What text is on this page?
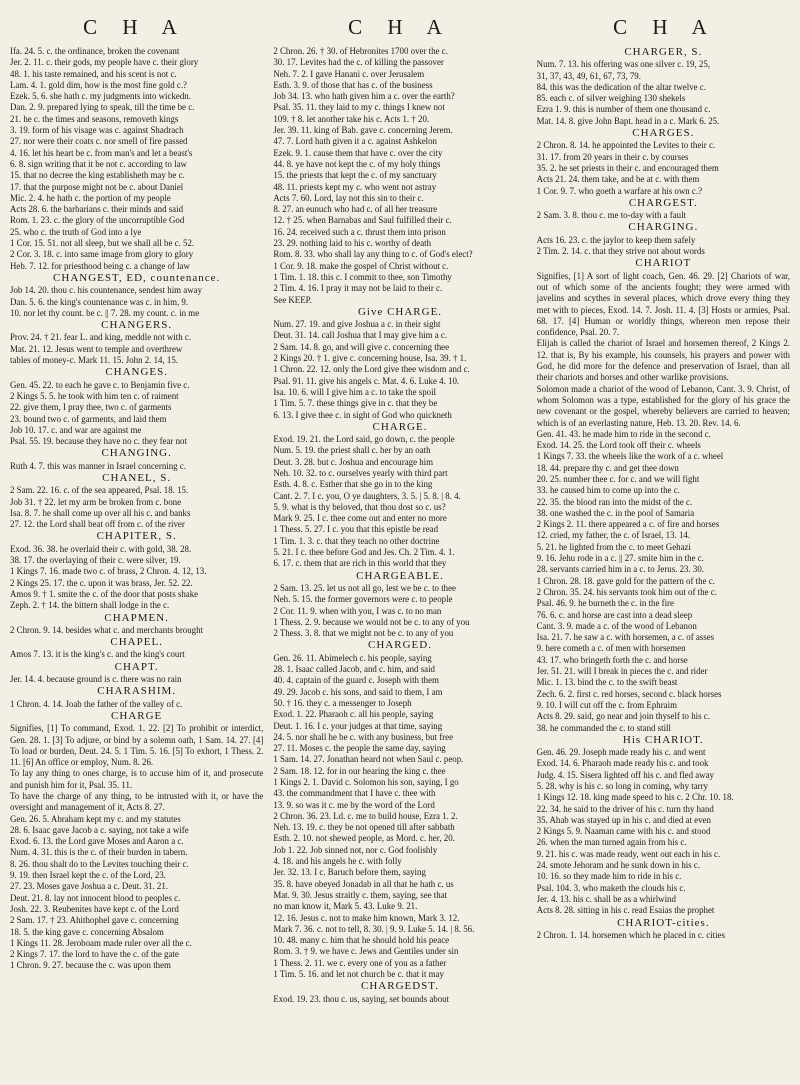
C H A	C H A	C H A

Ifa. 24. 5. c. the ordinance, broken the covenant

Jer. 2. 11. c. their gods, my people have c. their glory

48. 1. his taste remained, and his scent is not c.

Lam. 4. 1. gold dim, how is the most fine gold c.?

Ezek. 5. 6. she hath c. my judgments into wickedn.

Dan. 2. 9. prepared lying to speak, till the time be c.

21. he c. the times and seasons, removeth kings

3. 19. form of his visage was c. against Shadrach

27. nor were their coats c. nor smell of fire passed

4. 16. let his heart be c. from man's and let a beast's

6. 8. sign writing that it be not c. according to law

15. that no decree the king establisheth may be c.

17. that the purpose might not be c. about Daniel

Mic. 2. 4. he hath c. the portion of my people

Acts 28. 6. the barbarians c. their minds and said

Rom. 1. 23. c. the glory of the uncorruptible God

25. who c. the truth of God into a lye

1 Cor. 15. 51. not all sleep, but we shall all be c. 52.

2 Cor. 3. 18. c. into same image from glory to glory

Heb. 7. 12. for priesthood being c. a change of law

CHANGEST, ED, countenance.

Job 14. 20. thou c. his countenance, sendest him away

Dan. 5. 6. the king's countenance was c. in him, 9.

10. nor let thy count. be c. || 7. 28. my count. c. in me

CHANGERS.

Prov. 24. † 21. fear L. and king, meddle not with c.

Mat. 21. 12. Jesus went to temple and overthrew

tables of money-c. Mark 11. 15. John 2. 14, 15.

CHANGES.

Gen. 45. 22. to each he gave c. to Benjamin five c.

2 Kings 5. 5. he took with him ten c. of raiment

22. give them, I pray thee, two c. of garments

23. bound two c. of garments, and laid them

Job 10. 17. c. and war are against me

Psal. 55. 19. because they have no c. they fear not

CHANGING.

Ruth 4. 7. this was manner in Israel concerning c.

CHANEL, S.

2 Sam. 22. 16. c. of the sea appeared, Psal. 18. 15.

Job 31. † 22. let my arm be broken from c. bone

Isa. 8. 7. he shall come up over all his c. and banks

27. 12. the Lord shall beat off from c. of the river

CHAPITER, S.

Exod. 36. 38. he overlaid their c. with gold, 38. 28.

38. 17. the overlaying of their c. were silver, 19.

1 Kings 7. 16. made two c. of brass, 2 Chron. 4. 12, 13.

2 Kings 25. 17. the c. upon it was brass, Jer. 52. 22.

Amos 9. † 1. smite the c. of the door that posts shake

Zeph. 2. † 14. the bittern shall lodge in the c.

CHAPMEN.

2 Chron. 9. 14. besides what c. and merchants brought

CHAPEL.

Amos 7. 13. it is the king's c. and the king's court

CHAPT.

Jer. 14. 4. because ground is c. there was no rain

CHARASHIM.

1 Chron. 4. 14. Joab the father of the valley of c.

CHARGE

Signifies, [1] To command, Exod. 1. 22. [2] To prohibit or interdict, Gen. 28. 1. [3] To adjure, or bind by a solemn oath, 1 Sam. 14. 27. [4] To load or burden, Deut. 24. 5. 1 Tim. 5. 16. [5] To exhort, 1 Thess. 2. 11. [6] An office or employ, Num. 8. 26.

To lay any thing to ones charge, is to accuse him of it, and prosecute and punish him for it, Psal. 35. 11.

To have the charge of any thing, to be intrusted with it, or have the oversight and management of it, Acts 8. 27.

Gen. 26. 5. Abraham kept my c. and my statutes

28. 6. Isaac gave Jacob a c. saying, not take a wife

Exod. 6. 13. the Lord gave Moses and Aaron a c.

Num. 4. 31. this is the c. of their burden in tabern.

8. 26. thou shalt do to the Levites touching their c.

9. 19. then Israel kept the c. of the Lord, 23.

27. 23. Moses gave Joshua a c. Deut. 31. 21.

Deut. 21. 8. lay not innocent blood to peoples c.

Josh. 22. 3. Reubenites have kept c. of the Lord

2 Sam. 17. † 23. Ahithophel gave c. concerning

18. 5. the king gave c. concerning Absalom

1 Kings 11. 28. Jeroboam made ruler over all the c.

2 Kings 7. 17. the lord to have the c. of the gate

1 Chron. 9. 27. because the c. was upon them

2 Chron. 26. † 30. of Hebronites 1700 over the c.

30. 17. Levites had the c. of killing the passover

Neh. 7. 2. I gave Hanani c. over Jerusalem

Esth. 3. 9. of those that has c. of the business

Job 34. 13. who hath given him a c. over the earth?

Psal. 35. 11. they laid to my c. things I knew not

109. † 8. let another take his c. Acts 1. † 20.

Jer. 39. 11. king of Bab. gave c. concerning Jerem.

47. 7. Lord hath given it a c. against Ashkelon

Ezek. 9. 1. cause them that have c. over the city

44. 8. ye have not kept the c. of my holy things

15. the priests that kept the c. of my sanctuary

48. 11. priests kept my c. who went not astray

Acts 7. 60. Lord, lay not this sin to their c.

8. 27. an eunuch who had c. of all her treasure

12. † 25. when Barnabas and Saul fulfilled their c.

16. 24. received such a c. thrust them into prison

23. 29. nothing laid to his c. worthy of death

Rom. 8. 33. who shall lay any thing to c. of God's elect?

1 Cor. 9. 18. make the gospel of Christ without c.

1 Tim. 1. 18. this c. I commit to thee, son Timothy

2 Tim. 4. 16. I pray it may not be laid to their c.

See KEEP.

Give CHARGE.

Num. 27. 19. and give Joshua a c. in their sight

Deut. 31. 14. call Joshua that I may give him a c.

2 Sam. 14. 8. go, and will give c. concerning thee

2 Kings 20. † 1. give c. concerning house, Isa. 39. † 1.

1 Chron. 22. 12. only the Lord give thee wisdom and c.

Psal. 91. 11. give his angels c. Mat. 4. 6. Luke 4. 10.

Isa. 10. 6. will I give him a c. to take the spoil

1 Tim. 5. 7. these things give in c. that they be

6. 13. I give thee c. in sight of God who quickneth

CHARGE.

Exod. 19. 21. the Lord said, go down, c. the people

Num. 5. 19. the priest shall c. her by an oath

Deut. 3. 28. but c. Joshua and encourage him

Neh. 10. 32. to c. ourselves yearly with third part

Esth. 4. 8. c. Esther that she go in to the king

Cant. 2. 7. I c. you, O ye daughters, 3. 5. | 5. 8. | 8. 4.

5. 9. what is thy beloved, that thou dost so c. us?

Mark 9. 25. I c. thee come out and enter no more

1 Thess. 5. 27. I c. you that this epistle be read

1 Tim. 1. 3. c. that they teach no other doctrine

5. 21. I c. thee before God and Jes. Ch. 2 Tim. 4. 1.

6. 17. c. them that are rich in this world that they

CHARGEABLE.

2 Sam. 13. 25. let us not all go, lest we be c. to thee

Neh. 5. 15. the former governors were c. to people

2 Cor. 11. 9. when with you, I was c. to no man

1 Thess. 2. 9. because we would not be c. to any of you

2 Thess. 3. 8. that we might not be c. to any of you

CHARGED.

Gen. 26. 11. Abimelech c. his people, saying

28. 1. Isaac called Jacob, and c. him, and said

40. 4. captain of the guard c. Joseph with them

49. 29. Jacob c. his sons, and said to them, I am

50. † 16. they c. a messenger to Joseph

Exod. 1. 22. Pharaoh c. all his people, saying

Deut. 1. 16. I c. your judges at that time, saying

24. 5. nor shall he be c. with any business, but free

27. 11. Moses c. the people the same day, saying

1 Sam. 14. 27. Jonathan heard not when Saul c. peop.

2 Sam. 18. 12. for in our hearing the king c. thee

1 Kings 2. 1. David c. Solomon his son, saying, I go

43. the commandment that I have c. thee with

13. 9. so was it c. me by the word of the Lord

2 Chron. 36. 23. Ld. c. me to build house, Ezra 1. 2.

Neh. 13. 19. c. they be not opened till after sabbath

Esth. 2. 10. not shewed people, as Mord. c. her, 20.

Job 1. 22. Job sinned not, nor c. God foolishly

4. 18. and his angels he c. with folly

Jer. 32. 13. I c. Baruch before them, saying

35. 8. have obeyed Jonadab in all that he hath c. us

Mat. 9. 30. Jesus straitly c. them, saying, see that

no man know it, Mark 5. 43. Luke 9. 21.

12. 16. Jesus c. not to make him known, Mark 3. 12.

Mark 7. 36. c. not to tell, 8. 30. | 9. 9. Luke 5. 14. | 8. 56.

10. 48. many c. him that he should hold his peace

Rom. 3. † 9. we have c. Jews and Gentiles under sin

1 Thess. 2. 11. we c. every one of you as a father

1 Tim. 5. 16. and let not church be c. that it may

CHARGEDST.

Exod. 19. 23. thou c. us, saying, set bounds about

CHARGER, S.

Num. 7. 13. his offering was one silver c. 19, 25,

31, 37, 43, 49, 61, 67, 73, 79.

84. this was the dedication of the altar twelve c.

85. each c. of silver weighing 130 shekels

Ezra 1. 9. this is number of them one thousand c.

Mat. 14. 8. give John Bapt. head in a c. Mark 6. 25.

CHARGES.

2 Chron. 8. 14. he appointed the Levites to their c.

31. 17. from 20 years in their c. by courses

35. 2. he set priests in their c. and encouraged them

Acts 21. 24. them take, and be at c. with them

1 Cor. 9. 7. who goeth a warfare at his own c.?

CHARGEST.

2 Sam. 3. 8. thou c. me to-day with a fault

CHARGING.

Acts 16. 23. c. the jaylor to keep them safely

2 Tim. 2. 14. c. that they strive not about words

CHARIOT

Signifies, [1] A sort of light coach, Gen. 46. 29. [2] Chariots of war, out of which some of the ancients fought; they were armed with javelins and scythes in several places, which drove every thing they met with to pieces, Exod. 14. 7. Josh. 11. 4. [3] Hosts or armies, Psal. 68. 17. [4] Human or worldly things, whereon men repose their confidence, Psal. 20. 7.

Elijah is called the chariot of Israel and horsemen thereof, 2 Kings 2. 12. that is, By his example, his counsels, his prayers and power with God, he did more for the defence and preservation of Israel, than all their chariots and horses and other warlike provisions.

Solomon made a chariot of the wood of Lebanon, Cant. 3. 9. Christ, of whom Solomon was a type, established for the glory of his grace the new covenant or the gospel, whereby believers are carried to heaven; which is of an everlasting nature, Heb. 13. 20. Rev. 14. 6.

Gen. 41. 43. he made him to ride in the second c.

Exod. 14. 25. the Lord took off their c. wheels

1 Kings 7. 33. the wheels like the work of a c. wheel

18. 44. prepare thy c. and get thee down

20. 25. number thee c. for c. and we will fight

33. he caused him to come up into the c.

22. 35. the blood ran into the midst of the c.

38. one washed the c. in the pool of Samaria

2 Kings 2. 11. there appeared a c. of fire and horses

12. cried, my father, the c. of Israel, 13. 14.

5. 21. he lighted from the c. to meet Gehazi

9. 16. Jehu rode in a c. || 27. smite him in the c.

28. servants carried him in a c. to Jerus. 23. 30.

1 Chron. 28. 18. gave gold for the pattern of the c.

2 Chron. 35. 24. his servants took him out of the c.

Psal. 46. 9. he burneth the c. in the fire

76. 6. c. and horse are cast into a dead sleep

Cant. 3. 9. made a c. of the wood of Lebanon

Isa. 21. 7. he saw a c. with horsemen, a c. of asses

9. here cometh a c. of men with horsemen

43. 17. who bringeth forth the c. and horse

Jer. 51. 21. will I break in pieces the c. and rider

Mic. 1. 13. bind the c. to the swift beast

Zech. 6. 2. first c. red horses, second c. black horses

9. 10. I will cut off the c. from Ephraim

Acts 8. 29. said, go near and join thyself to his c.

38. he commanded the c. to stand still

His CHARIOT.

Gen. 46. 29. Joseph made ready his c. and went

Exod. 14. 6. Pharaoh made ready his c. and took

Judg. 4. 15. Sisera lighted off his c. and fled away

5. 28. why is his c. so long in coming, why tarry

1 Kings 12. 18. king made speed to his c. 2 Chr. 10. 18.

22. 34. he said to the driver of his c. turn thy hand

35. Ahab was stayed up in his c. and died at even

2 Kings 5. 9. Naaman came with his c. and stood

26. when the man turned again from his c.

9. 21. his c. was made ready, went out each in his c.

24. smote Jehoram and he sunk down in his c.

10. 16. so they made him to ride in his c.

Psal. 104. 3. who maketh the clouds his c.

Jer. 4. 13. his c. shall be as a whirlwind

Acts 8. 28. sitting in his c. read Esaias the prophet

CHARIOT-cities.

2 Chron. 1. 14. horsemen which he placed in c. cities
